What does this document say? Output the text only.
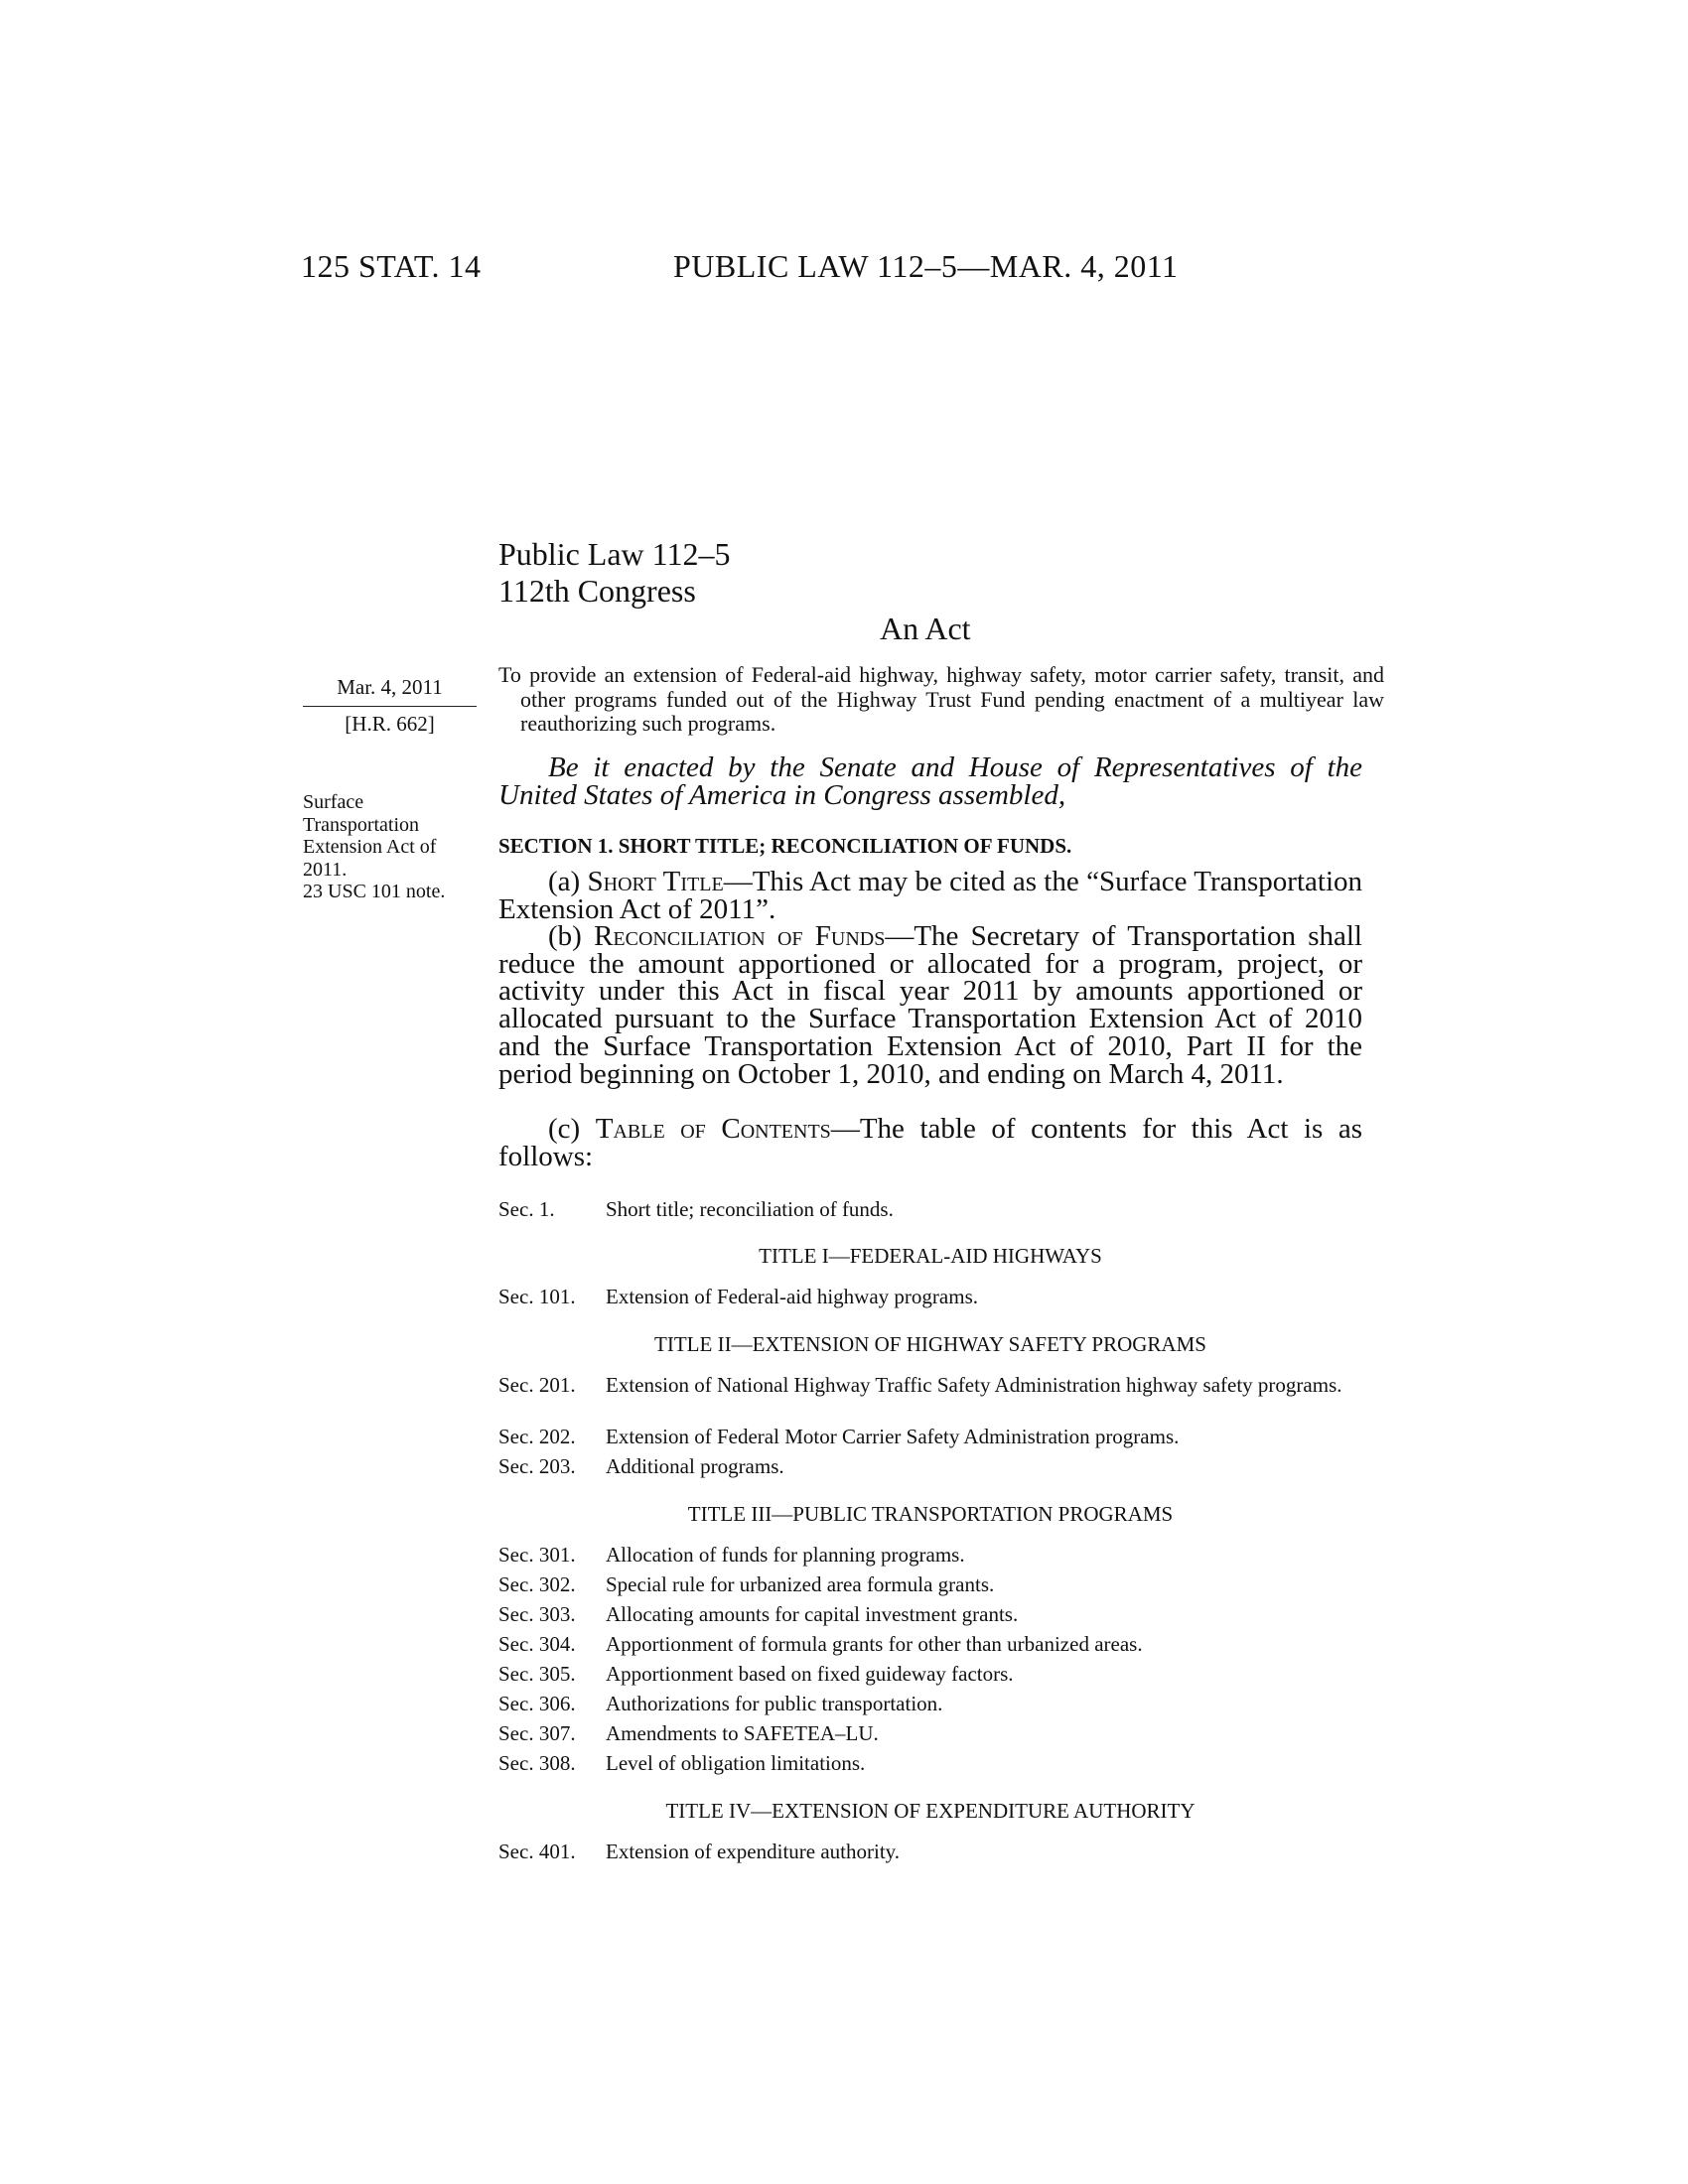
125 STAT. 14	PUBLIC LAW 112–5—MAR. 4, 2011
Public Law 112–5
112th Congress
An Act
Mar. 4, 2011
[H.R. 662]
Surface
Transportation
Extension Act of
2011.
23 USC 101 note.
To provide an extension of Federal-aid highway, highway safety, motor carrier safety, transit, and other programs funded out of the Highway Trust Fund pending enactment of a multiyear law reauthorizing such programs.
Be it enacted by the Senate and House of Representatives of the United States of America in Congress assembled,
SECTION 1. SHORT TITLE; RECONCILIATION OF FUNDS.

(a) Short Title—This Act may be cited as the “Surface Transportation Extension Act of 2011”.

(b) Reconciliation of Funds—The Secretary of Transportation shall reduce the amount apportioned or allocated for a program, project, or activity under this Act in fiscal year 2011 by amounts apportioned or allocated pursuant to the Surface Transportation Extension Act of 2010 and the Surface Transportation Extension Act of 2010, Part II for the period beginning on October 1, 2010, and ending on March 4, 2011.

(c) Table of Contents—The table of contents for this Act is as follows:

Sec. 1.	Short title; reconciliation of funds.
TITLE I—FEDERAL-AID HIGHWAYS
Sec. 101.	Extension of Federal-aid highway programs.
TITLE II—EXTENSION OF HIGHWAY SAFETY PROGRAMS
Sec. 201.	Extension of National Highway Traffic Safety Administration highway safety programs.
Sec. 202.	Extension of Federal Motor Carrier Safety Administration programs.
Sec. 203.	Additional programs.
TITLE III—PUBLIC TRANSPORTATION PROGRAMS
Sec. 301.	Allocation of funds for planning programs.
Sec. 302.	Special rule for urbanized area formula grants.
Sec. 303.	Allocating amounts for capital investment grants.
Sec. 304.	Apportionment of formula grants for other than urbanized areas.
Sec. 305.	Apportionment based on fixed guideway factors.
Sec. 306.	Authorizations for public transportation.
Sec. 307.	Amendments to SAFETEA–LU.
Sec. 308.	Level of obligation limitations.
TITLE IV—EXTENSION OF EXPENDITURE AUTHORITY
Sec. 401.	Extension of expenditure authority.
